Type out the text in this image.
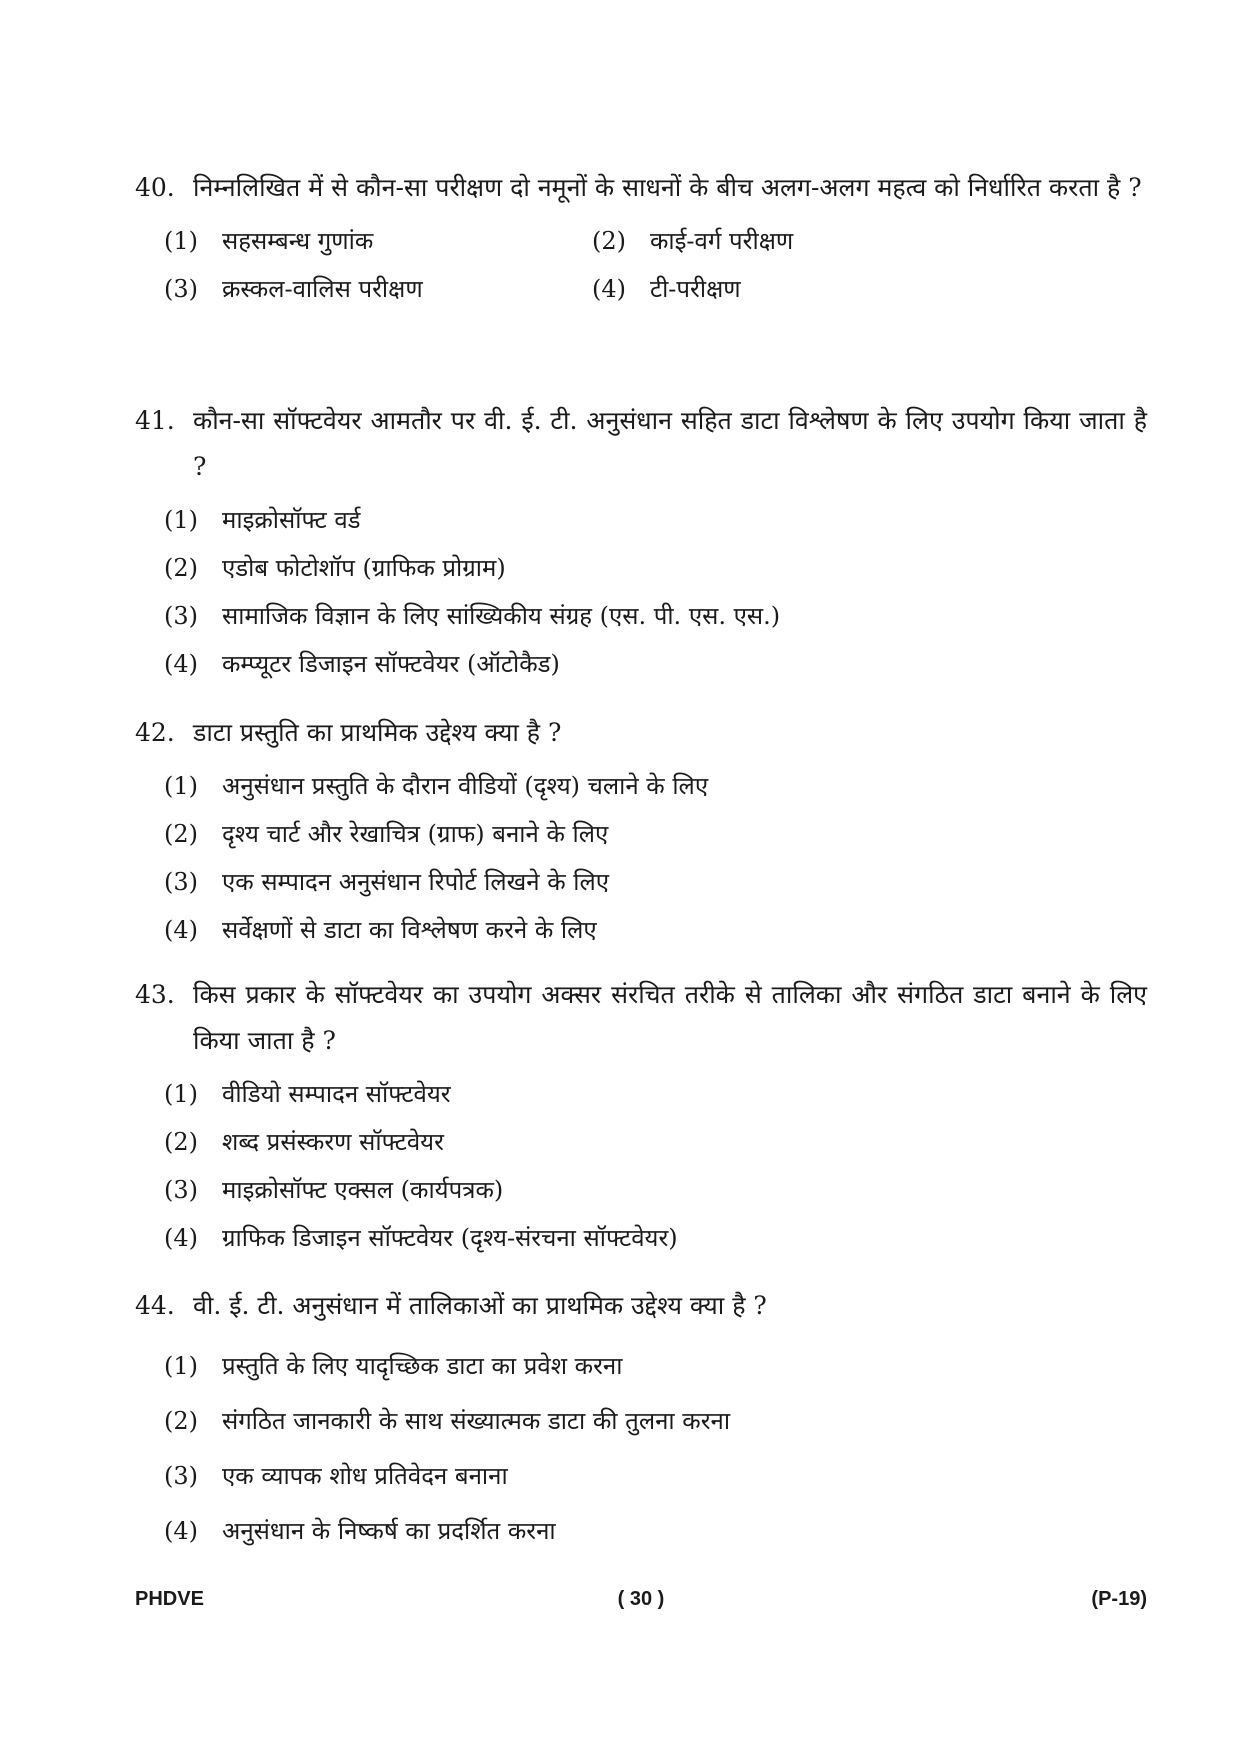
40. निम्नलिखित में से कौन-सा परीक्षण दो नमूनों के साधनों के बीच अलग-अलग महत्व को निर्धारित करता है ?
(1)	सहसम्बन्ध गुणांक	(2)	काई-वर्ग परीक्षण
(3)	क्रस्कल-वालिस परीक्षण	(4)	टी-परीक्षण
41. कौन-सा सॉफ्टवेयर आमतौर पर वी. ई. टी. अनुसंधान सहित डाटा विश्लेषण के लिए उपयोग किया जाता है ?
(1)	माइक्रोसॉफ्ट वर्ड
(2)	एडोब फोटोशॉप (ग्राफिक प्रोग्राम)
(3)	सामाजिक विज्ञान के लिए सांख्यिकीय संग्रह (एस. पी. एस. एस.)
(4)	कम्प्यूटर डिजाइन सॉफ्टवेयर (ऑटोकैड)
42. डाटा प्रस्तुति का प्राथमिक उद्देश्य क्या है ?
(1)	अनुसंधान प्रस्तुति के दौरान वीडियों (दृश्य) चलाने के लिए
(2)	दृश्य चार्ट और रेखाचित्र (ग्राफ) बनाने के लिए
(3)	एक सम्पादन अनुसंधान रिपोर्ट लिखने के लिए
(4)	सर्वेक्षणों से डाटा का विश्लेषण करने के लिए
43. किस प्रकार के सॉफ्टवेयर का उपयोग अक्सर संरचित तरीके से तालिका और संगठित डाटा बनाने के लिए किया जाता है ?
(1)	वीडियो सम्पादन सॉफ्टवेयर
(2)	शब्द प्रसंस्करण सॉफ्टवेयर
(3)	माइक्रोसॉफ्ट एक्सल (कार्यपत्रक)
(4)	ग्राफिक डिजाइन सॉफ्टवेयर (दृश्य-संरचना सॉफ्टवेयर)
44. वी. ई. टी. अनुसंधान में तालिकाओं का प्राथमिक उद्देश्य क्या है ?
(1)	प्रस्तुति के लिए यादृच्छिक डाटा का प्रवेश करना
(2)	संगठित जानकारी के साथ संख्यात्मक डाटा की तुलना करना
(3)	एक व्यापक शोध प्रतिवेदन बनाना
(4)	अनुसंधान के निष्कर्ष का प्रदर्शित करना
PHDVE	( 30 )	(P-19)
